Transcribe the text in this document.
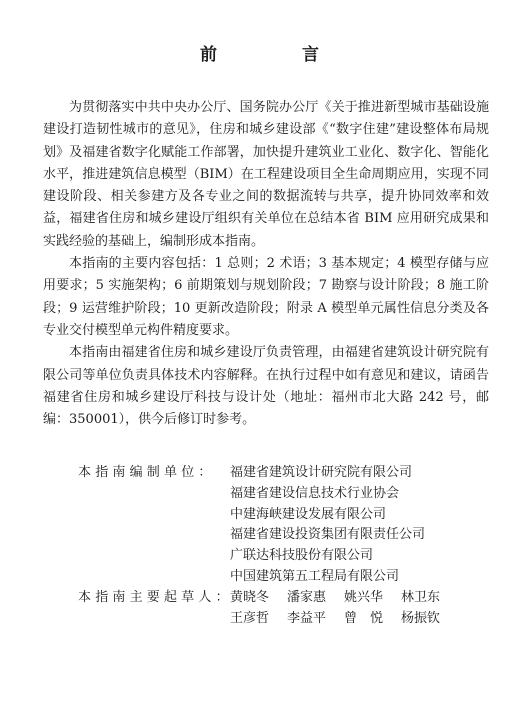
前　言

为贯彻落实中共中央办公厅、国务院办公厅《关于推进新型城市基础设施建设打造韧性城市的意见》，住房和城乡建设部《“数字住建”建设整体布局规划》及福建省数字化赋能工作部署，加快提升建筑业工业化、数字化、智能化水平，推进建筑信息模型（BIM）在工程建设项目全生命周期应用，实现不同建设阶段、相关参建方及各专业之间的数据流转与共享，提升协同效率和效益，福建省住房和城乡建设厅组织有关单位在总结本省 BIM 应用研究成果和实践经验的基础上，编制形成本指南。

本指南的主要内容包括：1 总则；2 术语；3 基本规定；4 模型存储与应用要求；5 实施架构；6 前期策划与规划阶段；7 勘察与设计阶段；8 施工阶段；9 运营维护阶段；10 更新改造阶段；附录 A 模型单元属性信息分类及各专业交付模型单元构件精度要求。

本指南由福建省住房和城乡建设厅负责管理，由福建省建筑设计研究院有限公司等单位负责具体技术内容解释。在执行过程中如有意见和建议，请函告福建省住房和城乡建设厅科技与设计处（地址：福州市北大路 242 号，邮编：350001），供今后修订时参考。

本指南编制单位：	福建省建筑设计研究院有限公司
福建省建设信息技术行业协会
中建海峡建设发展有限公司
福建省建设投资集团有限责任公司
广联达科技股份有限公司
中国建筑第五工程局有限公司
本指南主要起草人：
黄晓冬	潘家惠	姚兴华	林卫东
王彦哲	李益平	曾　悦	杨振钦
